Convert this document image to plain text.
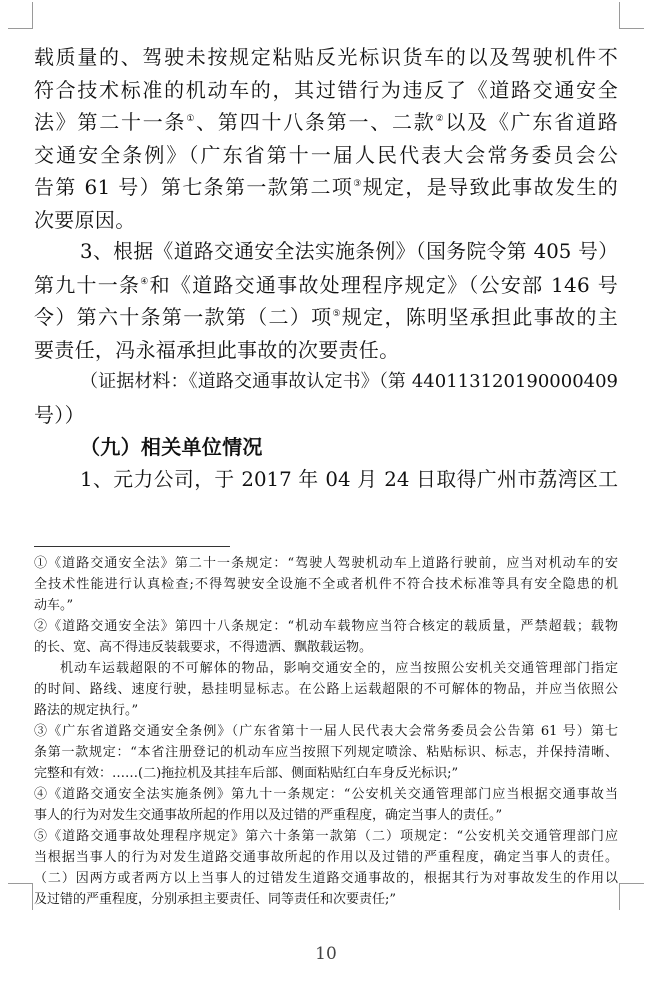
载质量的、驾驶未按规定粘贴反光标识货车的以及驾驶机件不
符合技术标准的机动车的，其过错行为违反了《道路交通安全
法》第二十一条①、第四十八条第一、二款②以及《广东省道路
交通安全条例》（广东省第十一届人民代表大会常务委员会公
告第 61 号）第七条第一款第二项③规定，是导致此事故发生的
次要原因。
3、根据《道路交通安全法实施条例》（国务院令第 405 号）
第九十一条④和《道路交通事故处理程序规定》（公安部 146 号
令）第六十条第一款第（二）项⑤规定，陈明坚承担此事故的主
要责任，冯永福承担此事故的次要责任。
（证据材料：《道路交通事故认定书》（第 440113120190000409
号））
（九）相关单位情况
1、元力公司，于 2017 年 04 月 24 日取得广州市荔湾区工
①《道路交通安全法》第二十一条规定：“驾驶人驾驶机动车上道路行驶前，应当对机动车的安
全技术性能进行认真检查;不得驾驶安全设施不全或者机件不符合技术标准等具有安全隐患的机
动车。”
②《道路交通安全法》第四十八条规定：“机动车载物应当符合核定的载质量，严禁超载；载物
的长、宽、高不得违反装载要求，不得遗洒、飘散载运物。
机动车运载超限的不可解体的物品，影响交通安全的，应当按照公安机关交通管理部门指定
的时间、路线、速度行驶，悬挂明显标志。在公路上运载超限的不可解体的物品，并应当依照公
路法的规定执行。”
③《广东省道路交通安全条例》（广东省第十一届人民代表大会常务委员会公告第 61 号）第七
条第一款规定：“本省注册登记的机动车应当按照下列规定喷涂、粘贴标识、标志，并保持清晰、
完整和有效：……(二)拖拉机及其挂车后部、侧面粘贴红白车身反光标识;”
④《道路交通安全法实施条例》第九十一条规定：“公安机关交通管理部门应当根据交通事故当
事人的行为对发生交通事故所起的作用以及过错的严重程度，确定当事人的责任。”
⑤《道路交通事故处理程序规定》第六十条第一款第（二）项规定：“公安机关交通管理部门应
当根据当事人的行为对发生道路交通事故所起的作用以及过错的严重程度，确定当事人的责任。
（二）因两方或者两方以上当事人的过错发生道路交通事故的，根据其行为对事故发生的作用以
及过错的严重程度，分别承担主要责任、同等责任和次要责任;”
10
